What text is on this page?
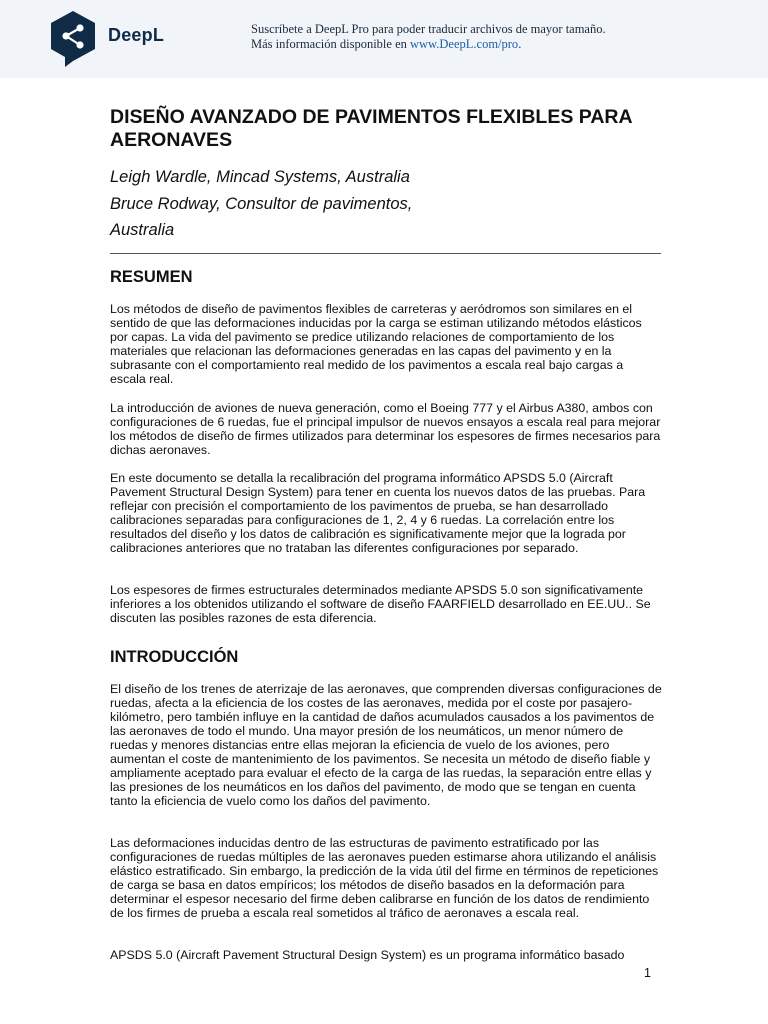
DeepL	Suscríbete a DeepL Pro para poder traducir archivos de mayor tamaño.
Más información disponible en www.DeepL.com/pro.
DISEÑO AVANZADO DE PAVIMENTOS FLEXIBLES PARA AERONAVES
Leigh Wardle, Mincad Systems, Australia
Bruce Rodway, Consultor de pavimentos,
Australia
RESUMEN

Los métodos de diseño de pavimentos flexibles de carreteras y aeródromos son similares en el sentido de que las deformaciones inducidas por la carga se estiman utilizando métodos elásticos por capas. La vida del pavimento se predice utilizando relaciones de comportamiento de los materiales que relacionan las deformaciones generadas en las capas del pavimento y en la subrasante con el comportamiento real medido de los pavimentos a escala real bajo cargas a escala real.

La introducción de aviones de nueva generación, como el Boeing 777 y el Airbus A380, ambos con configuraciones de 6 ruedas, fue el principal impulsor de nuevos ensayos a escala real para mejorar los métodos de diseño de firmes utilizados para determinar los espesores de firmes necesarios para dichas aeronaves.

En este documento se detalla la recalibración del programa informático APSDS 5.0 (Aircraft Pavement Structural Design System) para tener en cuenta los nuevos datos de las pruebas. Para reflejar con precisión el comportamiento de los pavimentos de prueba, se han desarrollado calibraciones separadas para configuraciones de 1, 2, 4 y 6 ruedas. La correlación entre los resultados del diseño y los datos de calibración es significativamente mejor que la lograda por calibraciones anteriores que no trataban las diferentes configuraciones por separado.

Los espesores de firmes estructurales determinados mediante APSDS 5.0 son significativamente inferiores a los obtenidos utilizando el software de diseño FAARFIELD desarrollado en EE.UU.. Se discuten las posibles razones de esta diferencia.

INTRODUCCIÓN

El diseño de los trenes de aterrizaje de las aeronaves, que comprenden diversas configuraciones de ruedas, afecta a la eficiencia de los costes de las aeronaves, medida por el coste por pasajero-kilómetro, pero también influye en la cantidad de daños acumulados causados a los pavimentos de las aeronaves de todo el mundo. Una mayor presión de los neumáticos, un menor número de ruedas y menores distancias entre ellas mejoran la eficiencia de vuelo de los aviones, pero aumentan el coste de mantenimiento de los pavimentos. Se necesita un método de diseño fiable y ampliamente aceptado para evaluar el efecto de la carga de las ruedas, la separación entre ellas y las presiones de los neumáticos en los daños del pavimento, de modo que se tengan en cuenta tanto la eficiencia de vuelo como los daños del pavimento.

Las deformaciones inducidas dentro de las estructuras de pavimento estratificado por las configuraciones de ruedas múltiples de las aeronaves pueden estimarse ahora utilizando el análisis elástico estratificado. Sin embargo, la predicción de la vida útil del firme en términos de repeticiones de carga se basa en datos empíricos; los métodos de diseño basados en la deformación para determinar el espesor necesario del firme deben calibrarse en función de los datos de rendimiento de los firmes de prueba a escala real sometidos al tráfico de aeronaves a escala real.

APSDS 5.0 (Aircraft Pavement Structural Design System) es un programa informático basado

1
